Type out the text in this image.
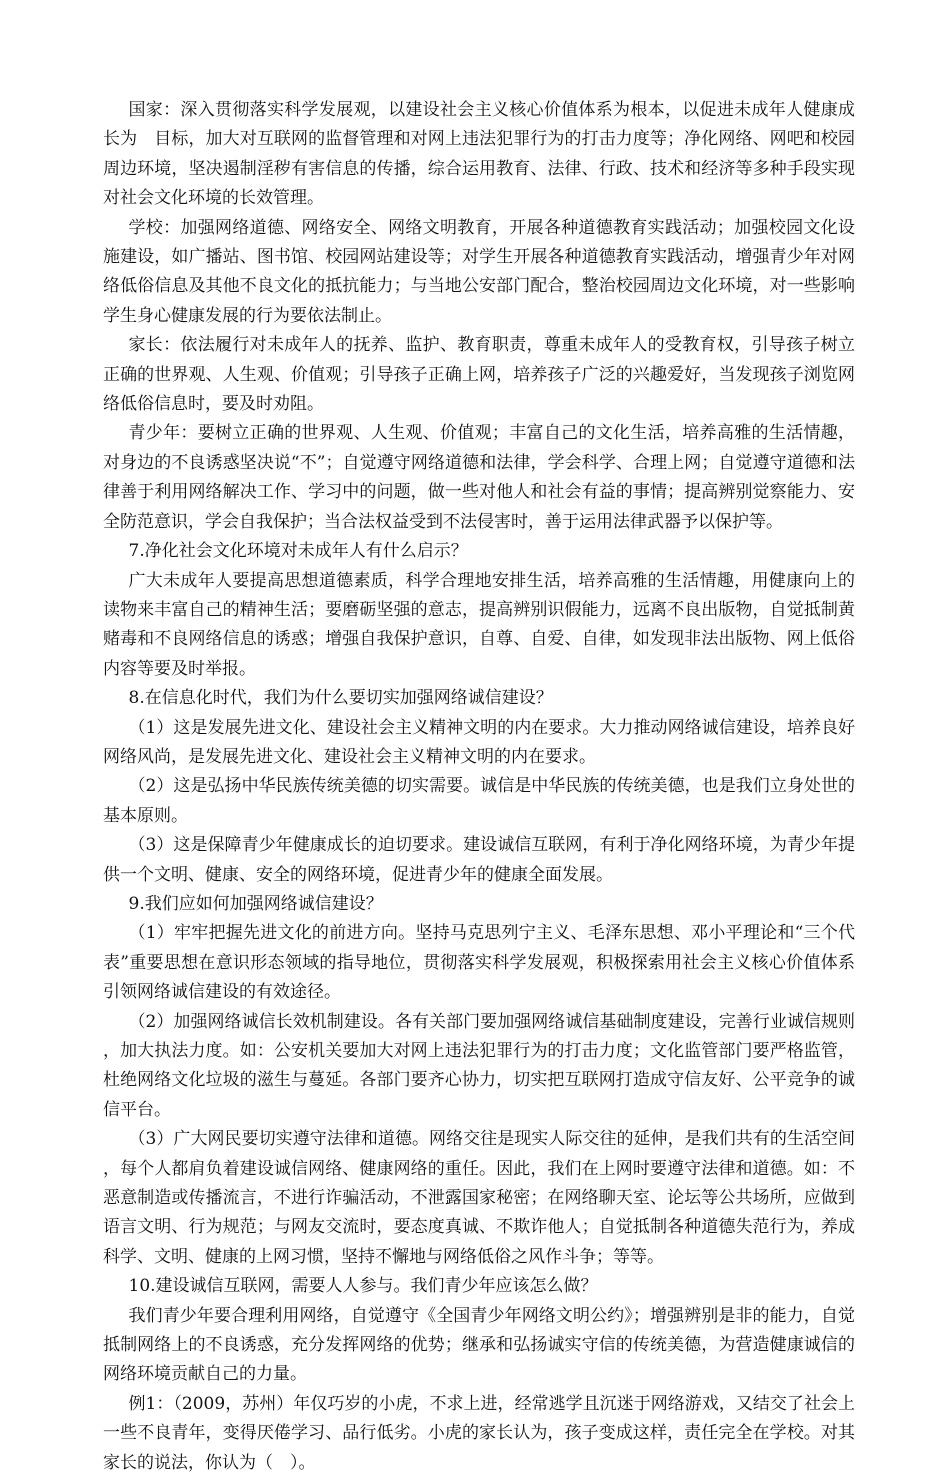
国家：深入贯彻落实科学发展观，以建设社会主义核心价值体系为根本，以促进未成年人健康成长为　目标，加大对互联网的监督管理和对网上违法犯罪行为的打击力度等；净化网络、网吧和校园周边环境，坚决遏制淫秽有害信息的传播，综合运用教育、法律、行政、技术和经济等多种手段实现对社会文化环境的长效管理。

学校：加强网络道德、网络安全、网络文明教育，开展各种道德教育实践活动；加强校园文化设施建设，如广播站、图书馆、校园网站建设等；对学生开展各种道德教育实践活动，增强青少年对网络低俗信息及其他不良文化的抵抗能力；与当地公安部门配合，整治校园周边文化环境，对一些影响学生身心健康发展的行为要依法制止。

家长：依法履行对未成年人的抚养、监护、教育职责，尊重未成年人的受教育权，引导孩子树立正确的世界观、人生观、价值观；引导孩子正确上网，培养孩子广泛的兴趣爱好，当发现孩子浏览网络低俗信息时，要及时劝阻。

青少年：要树立正确的世界观、人生观、价值观；丰富自己的文化生活，培养高雅的生活情趣，对身边的不良诱惑坚决说“不”；自觉遵守网络道德和法律，学会科学、合理上网；自觉遵守道德和法律善于利用网络解决工作、学习中的问题，做一些对他人和社会有益的事情；提高辨别觉察能力、安全防范意识，学会自我保护；当合法权益受到不法侵害时，善于运用法律武器予以保护等。

7.净化社会文化环境对未成年人有什么启示？

广大未成年人要提高思想道德素质，科学合理地安排生活，培养高雅的生活情趣，用健康向上的读物来丰富自己的精神生活；要磨砺坚强的意志，提高辨别识假能力，远离不良出版物，自觉抵制黄赌毒和不良网络信息的诱惑；增强自我保护意识，自尊、自爱、自律，如发现非法出版物、网上低俗内容等要及时举报。

8.在信息化时代，我们为什么要切实加强网络诚信建设？

（1）这是发展先进文化、建设社会主义精神文明的内在要求。大力推动网络诚信建设，培养良好网络风尚，是发展先进文化、建设社会主义精神文明的内在要求。

（2）这是弘扬中华民族传统美德的切实需要。诚信是中华民族的传统美德，也是我们立身处世的基本原则。

（3）这是保障青少年健康成长的迫切要求。建设诚信互联网，有利于净化网络环境，为青少年提供一个文明、健康、安全的网络环境，促进青少年的健康全面发展。

9.我们应如何加强网络诚信建设？

（1）牢牢把握先进文化的前进方向。坚持马克思列宁主义、毛泽东思想、邓小平理论和“三个代表”重要思想在意识形态领域的指导地位，贯彻落实科学发展观，积极探索用社会主义核心价值体系引领网络诚信建设的有效途径。

（2）加强网络诚信长效机制建设。各有关部门要加强网络诚信基础制度建设，完善行业诚信规则，加大执法力度。如：公安机关要加大对网上违法犯罪行为的打击力度；文化监管部门要严格监管，杜绝网络文化垃圾的滋生与蔓延。各部门要齐心协力，切实把互联网打造成守信友好、公平竞争的诚信平台。

（3）广大网民要切实遵守法律和道德。网络交往是现实人际交往的延伸，是我们共有的生活空间，每个人都肩负着建设诚信网络、健康网络的重任。因此，我们在上网时要遵守法律和道德。如：不恶意制造或传播流言，不进行诈骗活动，不泄露国家秘密；在网络聊天室、论坛等公共场所，应做到语言文明、行为规范；与网友交流时，要态度真诚、不欺诈他人；自觉抵制各种道德失范行为，养成科学、文明、健康的上网习惯，坚持不懈地与网络低俗之风作斗争；等等。

10.建设诚信互联网，需要人人参与。我们青少年应该怎么做？

我们青少年要合理利用网络，自觉遵守《全国青少年网络文明公约》；增强辨别是非的能力，自觉抵制网络上的不良诱惑，充分发挥网络的优势；继承和弘扬诚实守信的传统美德，为营造健康诚信的网络环境贡献自己的力量。

例1：（2009，苏州）年仅巧岁的小虎，不求上进，经常逃学且沉迷于网络游戏，又结交了社会上一些不良青年，变得厌倦学习、品行低劣。小虎的家长认为，孩子变成这样，责任完全在学校。对其家长的说法，你认为（　）。
